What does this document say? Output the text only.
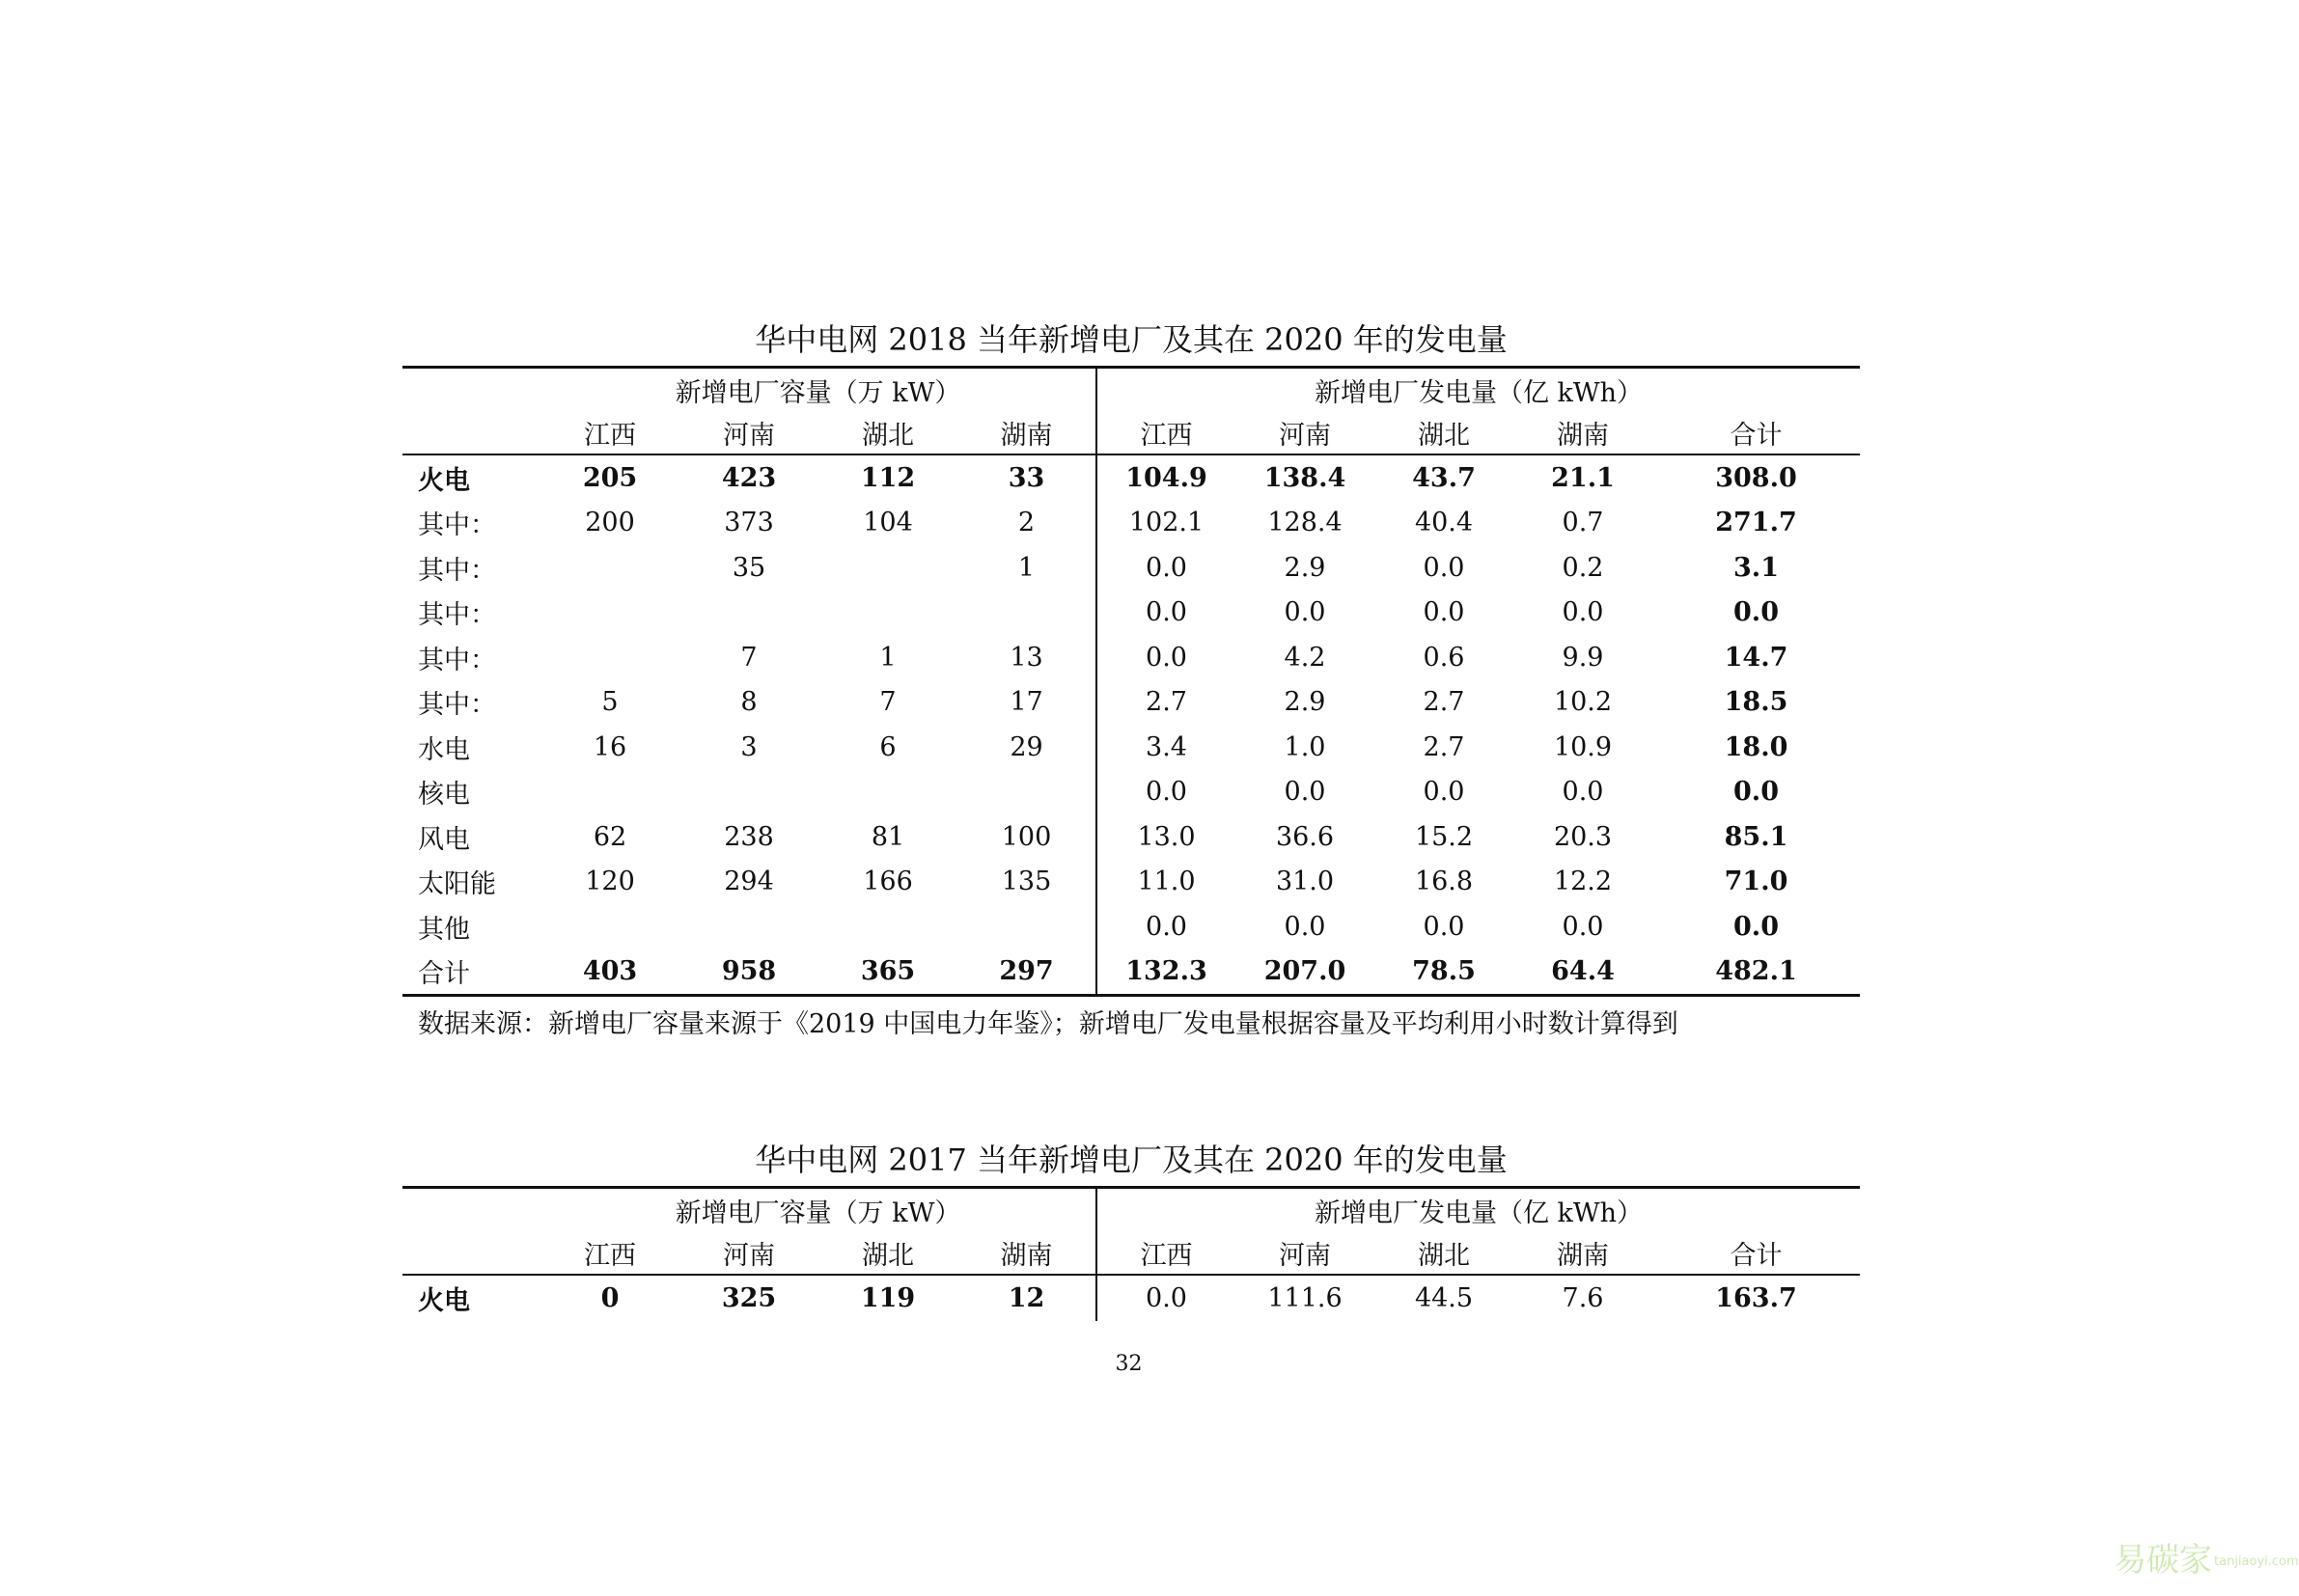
华中电网 2018 当年新增电厂及其在 2020 年的发电量
	新增电厂容量（万 kW）				新增电厂发电量（亿 kWh）				
	江西	河南	湖北	湖南	江西	河南	湖北	湖南	合计
火电	205	423	112	33	104.9	138.4	43.7	21.1	308.0
其中：	200	373	104	2	102.1	128.4	40.4	0.7	271.7
其中：		35		1	0.0	2.9	0.0	0.2	3.1
其中：					0.0	0.0	0.0	0.0	0.0
其中：		7	1	13	0.0	4.2	0.6	9.9	14.7
其中：	5	8	7	17	2.7	2.9	2.7	10.2	18.5
水电	16	3	6	29	3.4	1.0	2.7	10.9	18.0
核电					0.0	0.0	0.0	0.0	0.0
风电	62	238	81	100	13.0	36.6	15.2	20.3	85.1
太阳能	120	294	166	135	11.0	31.0	16.8	12.2	71.0
其他					0.0	0.0	0.0	0.0	0.0
合计	403	958	365	297	132.3	207.0	78.5	64.4	482.1
数据来源：新增电厂容量来源于《2019 中国电力年鉴》；新增电厂发电量根据容量及平均利用小时数计算得到
华中电网 2017 当年新增电厂及其在 2020 年的发电量
	新增电厂容量（万 kW）				新增电厂发电量（亿 kWh）				
	江西	河南	湖北	湖南	江西	河南	湖北	湖南	合计
火电	0	325	119	12	0.0	111.6	44.5	7.6	163.7
32
易碳家 tanjiaoyi.com
